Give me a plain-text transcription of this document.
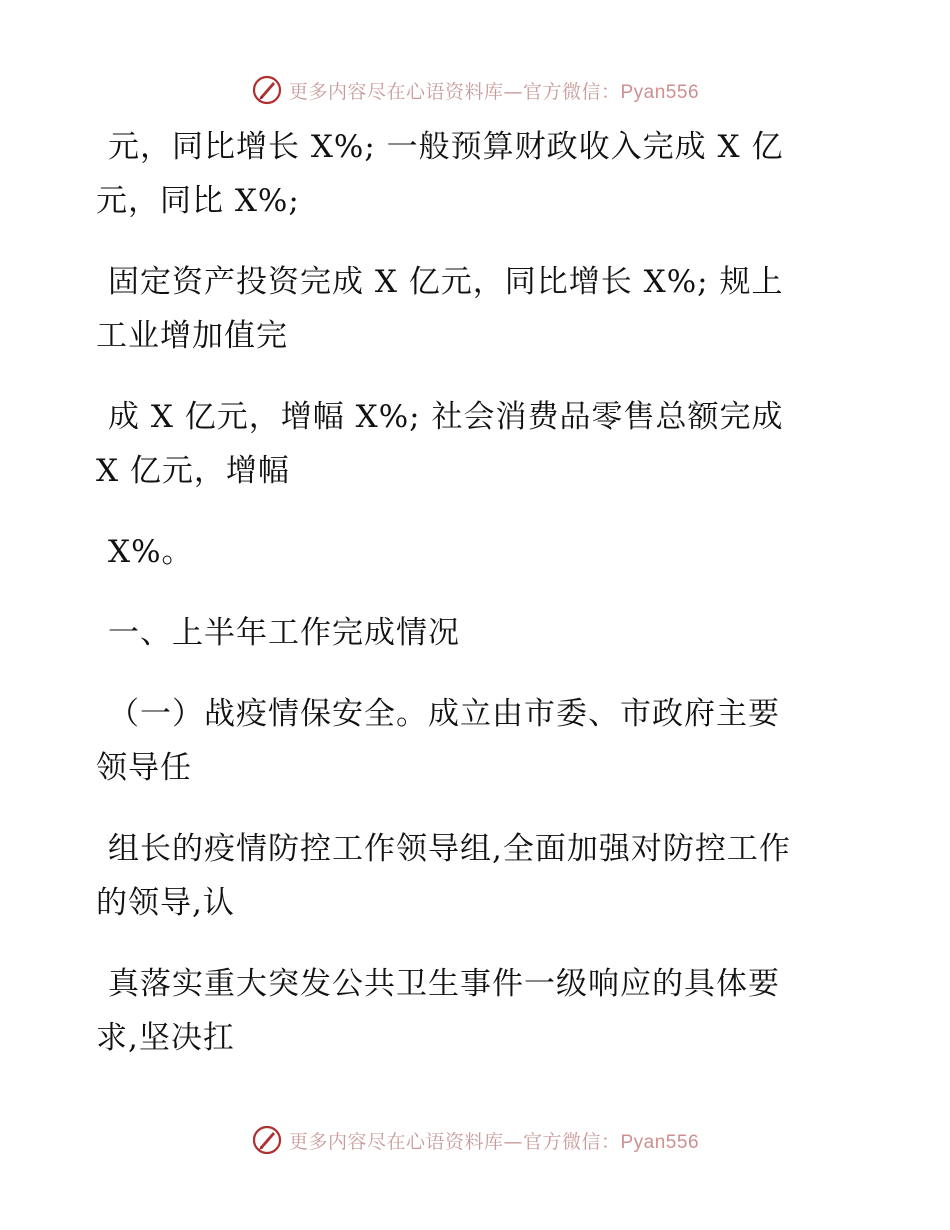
更多内容尽在心语资料库—官方微信：Pyan556

元，同比增长 X%; 一般预算财政收入完成 X 亿
元，同比 X%;

固定资产投资完成 X 亿元，同比增长 X%; 规上
工业增加值完

成 X 亿元，增幅 X%; 社会消费品零售总额完成
X 亿元，增幅

X%。

一、上半年工作完成情况

（一）战疫情保安全。成立由市委、市政府主要
领导任

组长的疫情防控工作领导组,全面加强对防控工作
的领导,认

真落实重大突发公共卫生事件一级响应的具体要
求,坚决扛

更多内容尽在心语资料库—官方微信：Pyan556
